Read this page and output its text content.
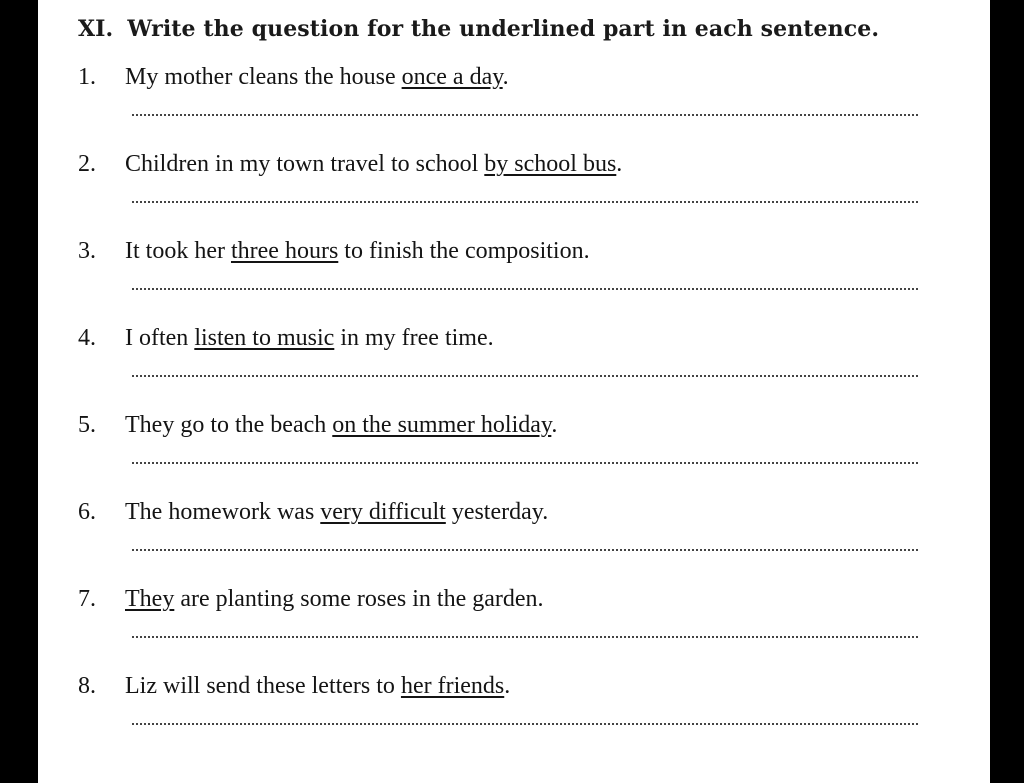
XI. Write the question for the underlined part in each sentence.
1. My mother cleans the house once a day.
2. Children in my town travel to school by school bus.
3. It took her three hours to finish the composition.
4. I often listen to music in my free time.
5. They go to the beach on the summer holiday.
6. The homework was very difficult yesterday.
7. They are planting some roses in the garden.
8. Liz will send these letters to her friends.
